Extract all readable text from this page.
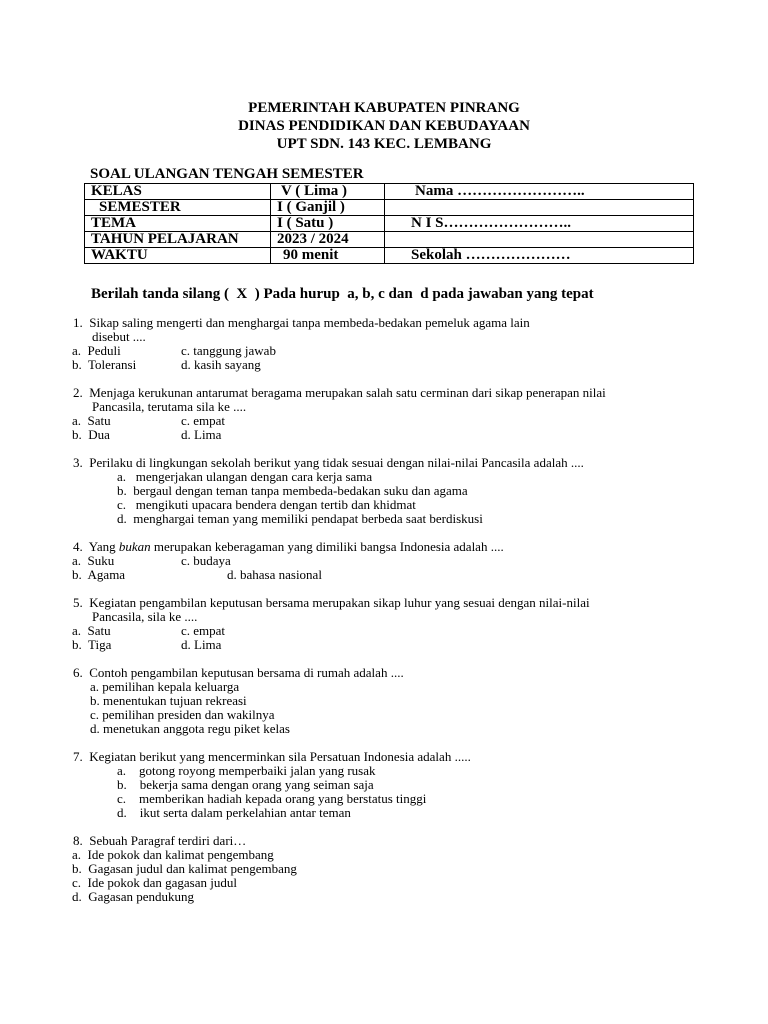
PEMERINTAH KABUPATEN PINRANG
DINAS PENDIDIKAN DAN KEBUDAYAAN
UPT SDN. 143 KEC. LEMBANG
SOAL ULANGAN TENGAH SEMESTER
KELAS	V ( Lima )	Nama ……………………..
SEMESTER	I ( Ganjil )	
TEMA	I ( Satu )	N I S……………………..
TAHUN PELAJARAN	2023 / 2024	
WAKTU	90 menit	Sekolah …………………
Berilah tanda silang (  X  ) Pada hurup  a, b, c dan  d pada jawaban yang tepat
1.  Sikap saling mengerti dan menghargai tanpa membeda-bedakan pemeluk agama lain
disebut ....
a.  Peduli	c. tanggung jawab
b.  Toleransi	d. kasih sayang
2.  Menjaga kerukunan antarumat beragama merupakan salah satu cerminan dari sikap penerapan nilai
Pancasila, terutama sila ke ....
a.  Satu	c. empat
b.  Dua	d. Lima
3.  Perilaku di lingkungan sekolah berikut yang tidak sesuai dengan nilai-nilai Pancasila adalah ....
a.   mengerjakan ulangan dengan cara kerja sama
b.  bergaul dengan teman tanpa membeda-bedakan suku dan agama
c.   mengikuti upacara bendera dengan tertib dan khidmat
d.  menghargai teman yang memiliki pendapat berbeda saat berdiskusi
4.  Yang bukan merupakan keberagaman yang dimiliki bangsa Indonesia adalah ....
a.  Suku	c. budaya
b.  Agama	d. bahasa nasional
5.  Kegiatan pengambilan keputusan bersama merupakan sikap luhur yang sesuai dengan nilai-nilai
Pancasila, sila ke ....
a.  Satu	c. empat
b.  Tiga	d. Lima
6.  Contoh pengambilan keputusan bersama di rumah adalah ....
a. pemilihan kepala keluarga
b. menentukan tujuan rekreasi
c. pemilihan presiden dan wakilnya
d. menetukan anggota regu piket kelas
7.  Kegiatan berikut yang mencerminkan sila Persatuan Indonesia adalah .....
a.    gotong royong memperbaiki jalan yang rusak
b.    bekerja sama dengan orang yang seiman saja
c.    memberikan hadiah kepada orang yang berstatus tinggi
d.    ikut serta dalam perkelahian antar teman
8.  Sebuah Paragraf terdiri dari…
a.  Ide pokok dan kalimat pengembang
b.  Gagasan judul dan kalimat pengembang
c.  Ide pokok dan gagasan judul
d.  Gagasan pendukung
